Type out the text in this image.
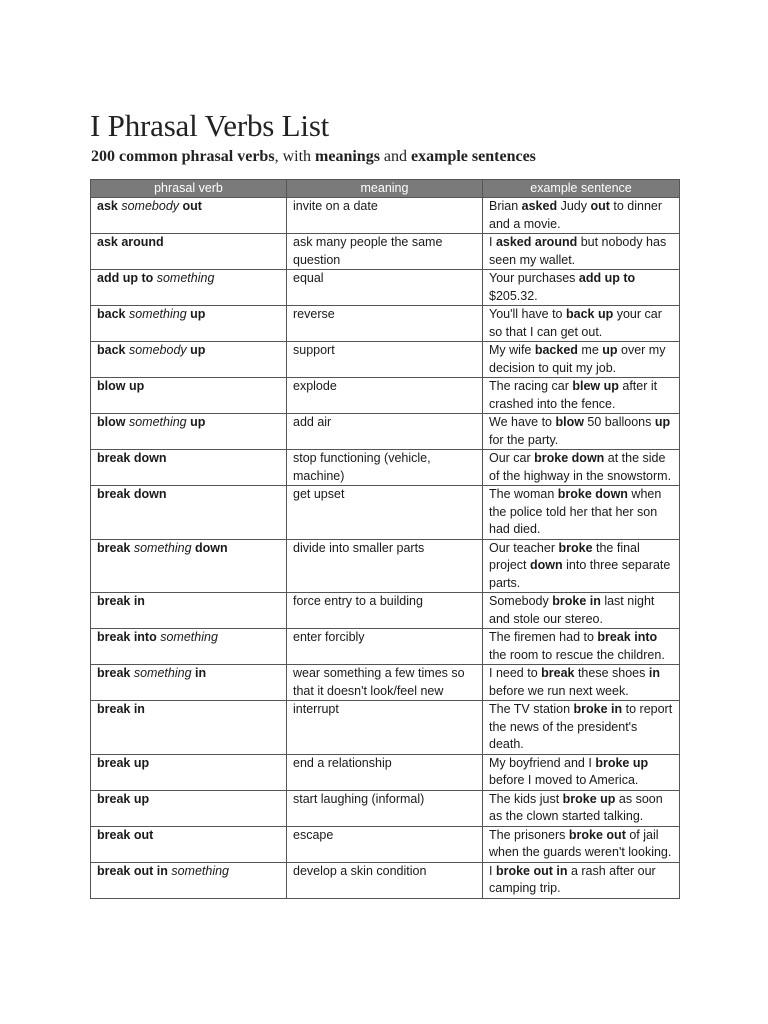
I Phrasal Verbs List

200 common phrasal verbs, with meanings and example sentences

phrasal verb	meaning	example sentence
ask somebody out	invite on a date	Brian asked Judy out to dinner and a movie.
ask around	ask many people the same question	I asked around but nobody has seen my wallet.
add up to something	equal	Your purchases add up to $205.32.
back something up	reverse	You'll have to back up your car so that I can get out.
back somebody up	support	My wife backed me up over my decision to quit my job.
blow up	explode	The racing car blew up after it crashed into the fence.
blow something up	add air	We have to blow 50 balloons up for the party.
break down	stop functioning (vehicle, machine)	Our car broke down at the side of the highway in the snowstorm.
break down	get upset	The woman broke down when the police told her that her son had died.
break something down	divide into smaller parts	Our teacher broke the final project down into three separate parts.
break in	force entry to a building	Somebody broke in last night and stole our stereo.
break into something	enter forcibly	The firemen had to break into the room to rescue the children.
break something in	wear something a few times so that it doesn't look/feel new	I need to break these shoes in before we run next week.
break in	interrupt	The TV station broke in to report the news of the president's death.
break up	end a relationship	My boyfriend and I broke up before I moved to America.
break up	start laughing (informal)	The kids just broke up as soon as the clown started talking.
break out	escape	The prisoners broke out of jail when the guards weren't looking.
break out in something	develop a skin condition	I broke out in a rash after our camping trip.
